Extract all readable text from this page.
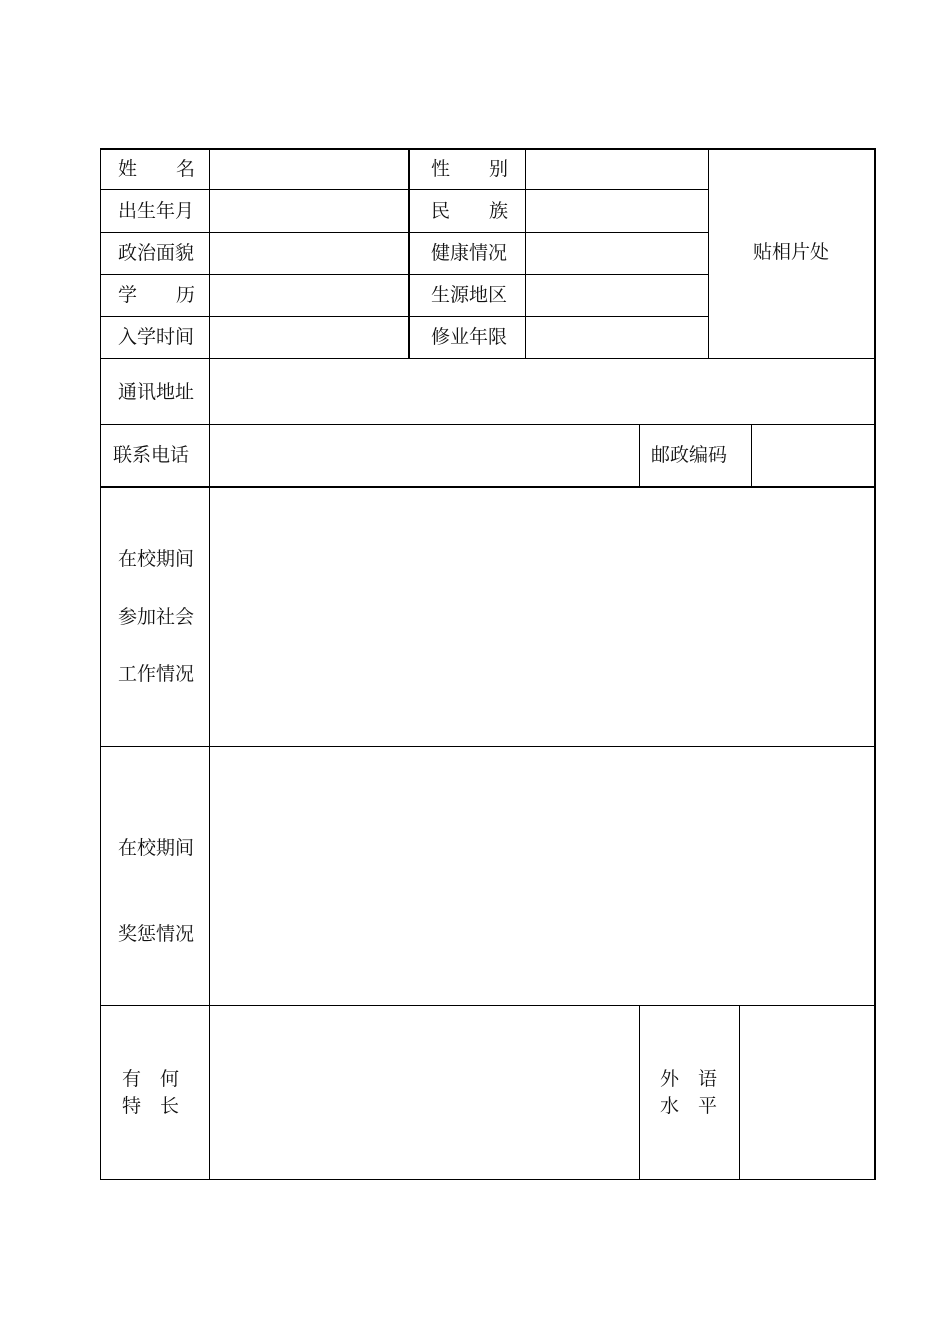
姓 名
出生年月
政治面貌
学 历
入学时间
性 别
民 族
健康情况
生源地区
修业年限
贴相片处
通讯地址
联系电话	邮政编码
在校期间
参加社会
工作情况
在校期间
奖惩情况
有 何
特 长
外 语
水 平
